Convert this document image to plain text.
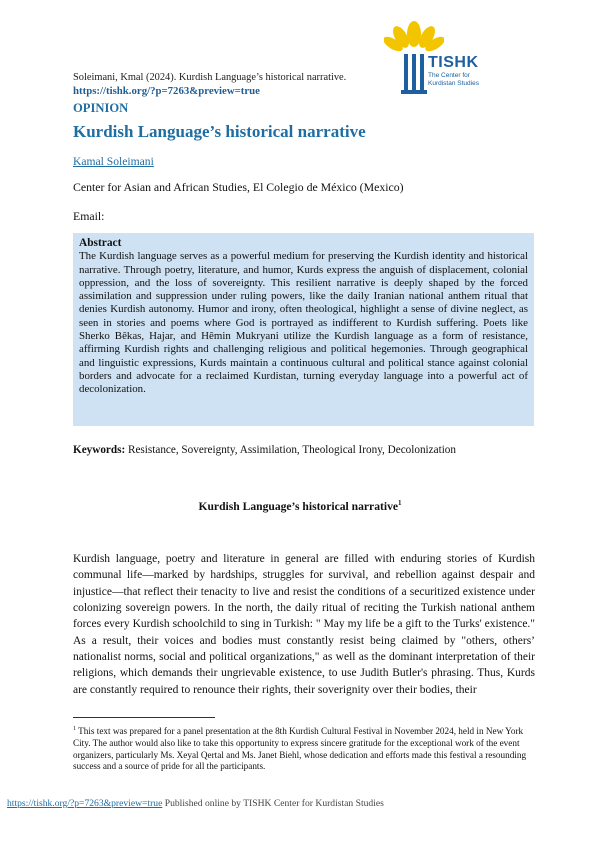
TISHK
The Center for
Kurdistan Studies
Soleimani, Kmal (2024). Kurdish Language’s historical narrative.
https://tishk.org/?p=7263&preview=true
OPINION
Kurdish Language’s historical narrative
Kamal Soleimani
Center for Asian and African Studies, El Colegio de México (Mexico)
Email:
Abstract
The Kurdish language serves as a powerful medium for preserving the Kurdish identity and historical narrative. Through poetry, literature, and humor, Kurds express the anguish of displacement, colonial oppression, and the loss of sovereignty. This resilient narrative is deeply shaped by the forced assimilation and suppression under ruling powers, like the daily Iranian national anthem ritual that denies Kurdish autonomy. Humor and irony, often theological, highlight a sense of divine neglect, as seen in stories and poems where God is portrayed as indifferent to Kurdish suffering. Poets like Sherko Bêkas, Hajar, and Hêmin Mukryani utilize the Kurdish language as a form of resistance, affirming Kurdish rights and challenging religious and political hegemonies. Through geographical and linguistic expressions, Kurds maintain a continuous cultural and political stance against colonial borders and advocate for a reclaimed Kurdistan, turning everyday language into a powerful act of decolonization.
Keywords: Resistance, Sovereignty, Assimilation, Theological Irony, Decolonization
Kurdish Language’s historical narrative$^1$
Kurdish language, poetry and literature in general are filled with enduring stories of Kurdish communal life—marked by hardships, struggles for survival, and rebellion against despair and injustice—that reflect their tenacity to live and resist the conditions of a securitized existence under colonizing sovereign powers. In the north, the daily ritual of reciting the Turkish national anthem forces every Kurdish schoolchild to sing in Turkish: " May my life be a gift to the Turks' existence." As a result, their voices and bodies must constantly resist being claimed by "others, others’ nationalist norms, social and political organizations," as well as the dominant interpretation of their religions, which demands their ungrievable existence, to use Judith Butler's phrasing. Thus, Kurds are constantly required to renounce their rights, their soverignity over their bodies, their
$^1$ This text was prepared for a panel presentation at the 8th Kurdish Cultural Festival in November 2024, held in New York City. The author would also like to take this opportunity to express sincere gratitude for the exceptional work of the event organizers, particularly Ms. Xeyal Qertal and Ms. Janet Biehl, whose dedication and efforts made this festival a resounding success and a source of pride for all the participants.
https://tishk.org/?p=7263&preview=true Published online by TISHK Center for Kurdistan Studies
